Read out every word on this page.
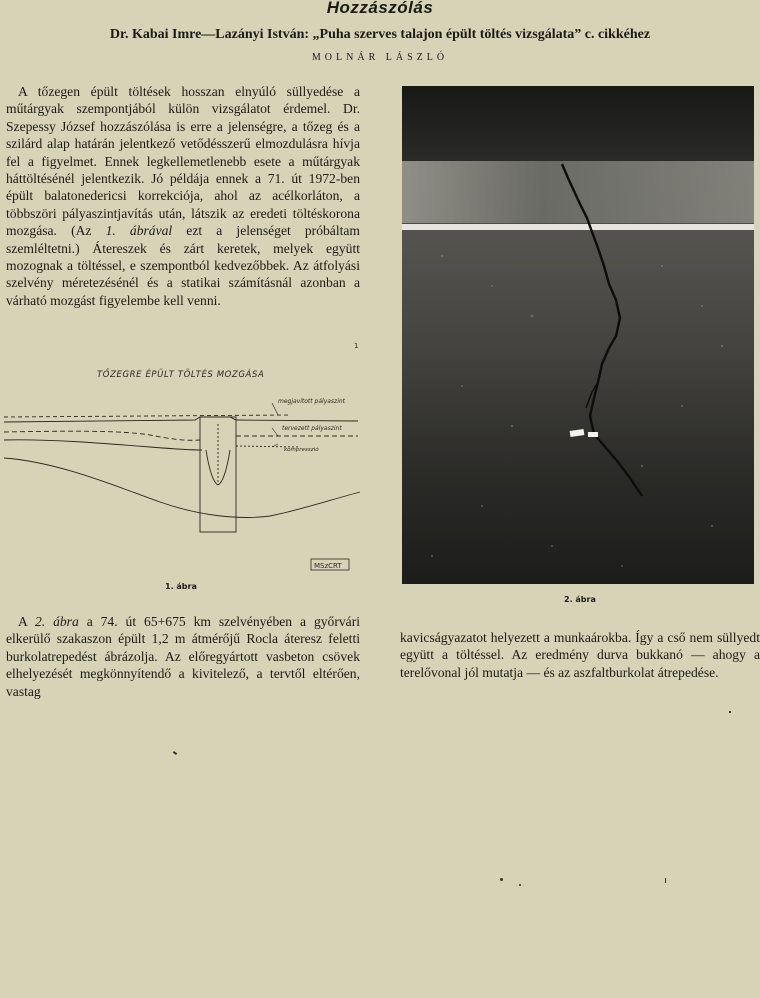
Hozzászólás
Dr. Kabai Imre—Lazányi István: „Puha szerves talajon épült töltés vizsgálata” c. cikkéhez
MOLNÁR LÁSZLÓ

A tőzegen épült töltések hosszan elnyúló süllyedése a műtárgyak szempontjából külön vizsgálatot érdemel. Dr. Szepessy József hozzászólása is erre a jelenségre, a tőzeg és a szilárd alap határán jelentkező vetődésszerű elmozdulásra hívja fel a figyelmet. Ennek legkellemetlenebb esete a műtárgyak háttöltésénél jelentkezik. Jó példája ennek a 71. út 1972-ben épült balatonedericsi korrekciója, ahol az acélkorláton, a többszöri pályaszintjavítás után, látszik az eredeti töltéskorona mozgása. (Az 1. ábrával ezt a jelenséget próbáltam szemléltetni.) Átereszek és zárt keretek, melyek együtt mozognak a töltéssel, e szempontból kedvezőbbek. Az átfolyási szelvény méretezésénél és a statikai számításnál azonban a várható mozgást figyelembe kell venni.

TŐZEGRE ÉPÜLT TÖLTÉS MOZGÁSA
megjavított pályaszint
tervezett pályaszint
kompresszió
1
MSzCRT
1. ábra
2. ábra

A 2. ábra a 74. út 65+675 km szelvényében a győrvári elkerülő szakaszon épült 1,2 m átmérőjű Rocla áteresz feletti burkolatrepedést ábrázolja. Az előregyártott vasbeton csövek elhelyezését megkönnyítendő a kivitelező, a tervtől eltérően, vastag

kavicságyazatot helyezett a munkaárokba. Így a cső nem süllyedt együtt a töltéssel. Az eredmény durva bukkanó — ahogy a terelővonal jól mutatja — és az aszfaltburkolat átrepedése.
